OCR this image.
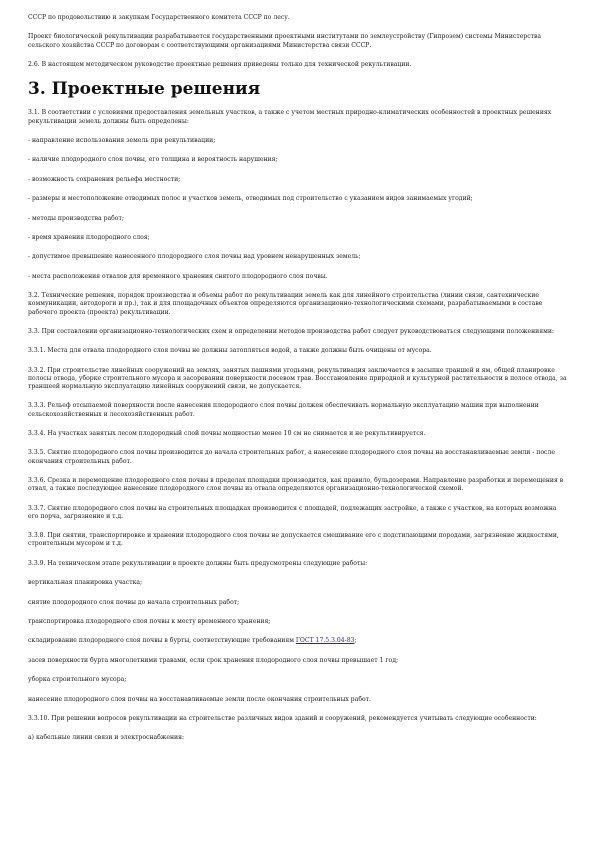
СССР по продовольствию и закупкам Государственного комитета СССР по лесу.
Проект биологической рекультивации разрабатывается государственными проектными институтами по землеустройству (Гипрозем) системы Министерства сельского хозяйства СССР по договорам с соответствующими организациями Министерства связи СССР.
2.6. В настоящем методическом руководстве проектные решения приведены только для технической рекультивации.
3. Проектные решения
3.1. В соответствии с условиями предоставления земельных участков, а также с учетом местных природно-климатических особенностей в проектных решениях рекультивации земель должны быть определены:
- направление использования земель при рекультивации;
- наличие плодородного слоя почвы, его толщина и вероятность нарушения;
- возможность сохранения рельефа местности;
- размеры и местоположение отводимых полос и участков земель, отводимых под строительство с указанием видов занимаемых угодий;
- методы производства работ;
- время хранения плодородного слоя;
- допустимое превышение нанесенного плодородного слоя почвы над уровнем ненарушенных земель;
- места расположения отвалов для временного хранения снятого плодородного слоя почвы.
3.2. Технические решения, порядок производства и объемы работ по рекультивации земель как для линейного строительства (линии связи, сантехнические коммуникации, автодороги и пр.), так и для площадочных объектов определяются организационно-технологическими схемами, разрабатываемыми в составе рабочего проекта (проекта) рекультивации.
3.3. При составлении организационно-технологических схем и определении методов производства работ следует руководствоваться следующими положениями:
3.3.1. Места для отвала плодородного слоя почвы не должны затопляться водой, а также должны быть очищены от мусора.
3.3.2. При строительстве линейных сооружений на землях, занятых пашнями угодьями, рекультивация заключается в засыпке траншей и ям, общей планировке полосы отвода, уборке строительного мусора и засоревании поверхности посевом трав. Восстановление природной и культурной растительности в полосе отвода, за траншеей нормальную эксплуатацию линейных сооружений связи, не допускается.
3.3.3. Рельеф отсыпаемой поверхности после нанесения плодородного слоя почвы должен обеспечивать нормальную эксплуатацию машин при выполнении сельскохозяйственных и лесохозяйственных работ.
3.3.4. На участках занятых лесом плодородный слой почвы мощностью менее 10 см не снимается и не рекультивируется.
3.3.5. Снятие плодородного слоя почвы производится до начала строительных работ, а нанесение плодородного слоя почвы на восстанавливаемые земли - после окончания строительных работ.
3.3.6. Срезка и перемещение плодородного слоя почвы в пределах площадки производится, как правило, бульдозерами. Направление разработки и перемещения в отвал, а также последующее нанесение плодородного слоя почвы из отвала определяются организационно-технологической схемой.
3.3.7. Снятие плодородного слоя почвы на строительных площадках производится с площадей, подлежащих застройке, а также с участков, на которых возможна его порча, загрязнение и т.д.
3.3.8. При снятии, транспортировке и хранении плодородного слоя почвы не допускается смешивание его с подстилающими породами, загрязнение жидкостями, строительным мусором и т.д.
3.3.9. На техническом этапе рекультивации в проекте должны быть предусмотрены следующие работы:
вертикальная планировка участка;
снятие плодородного слоя почвы до начала строительных работ;
транспортировка плодородного слоя почвы к месту временного хранения;
складирование плодородного слоя почвы в бурты, соответствующие требованиям ГОСТ 17.5.3.04-83;
засев поверхности бурта многолетними травами, если срок хранения плодородного слоя почвы превышает 1 год;
уборка строительного мусора;
нанесение плодородного слоя почвы на восстанавливаемые земли после окончания строительных работ.
3.3.10. При решении вопросов рекультивации на строительстве различных видов зданий и сооружений, рекомендуется учитывать следующие особенности:
а) кабельные линии связи и электроснабжения:
